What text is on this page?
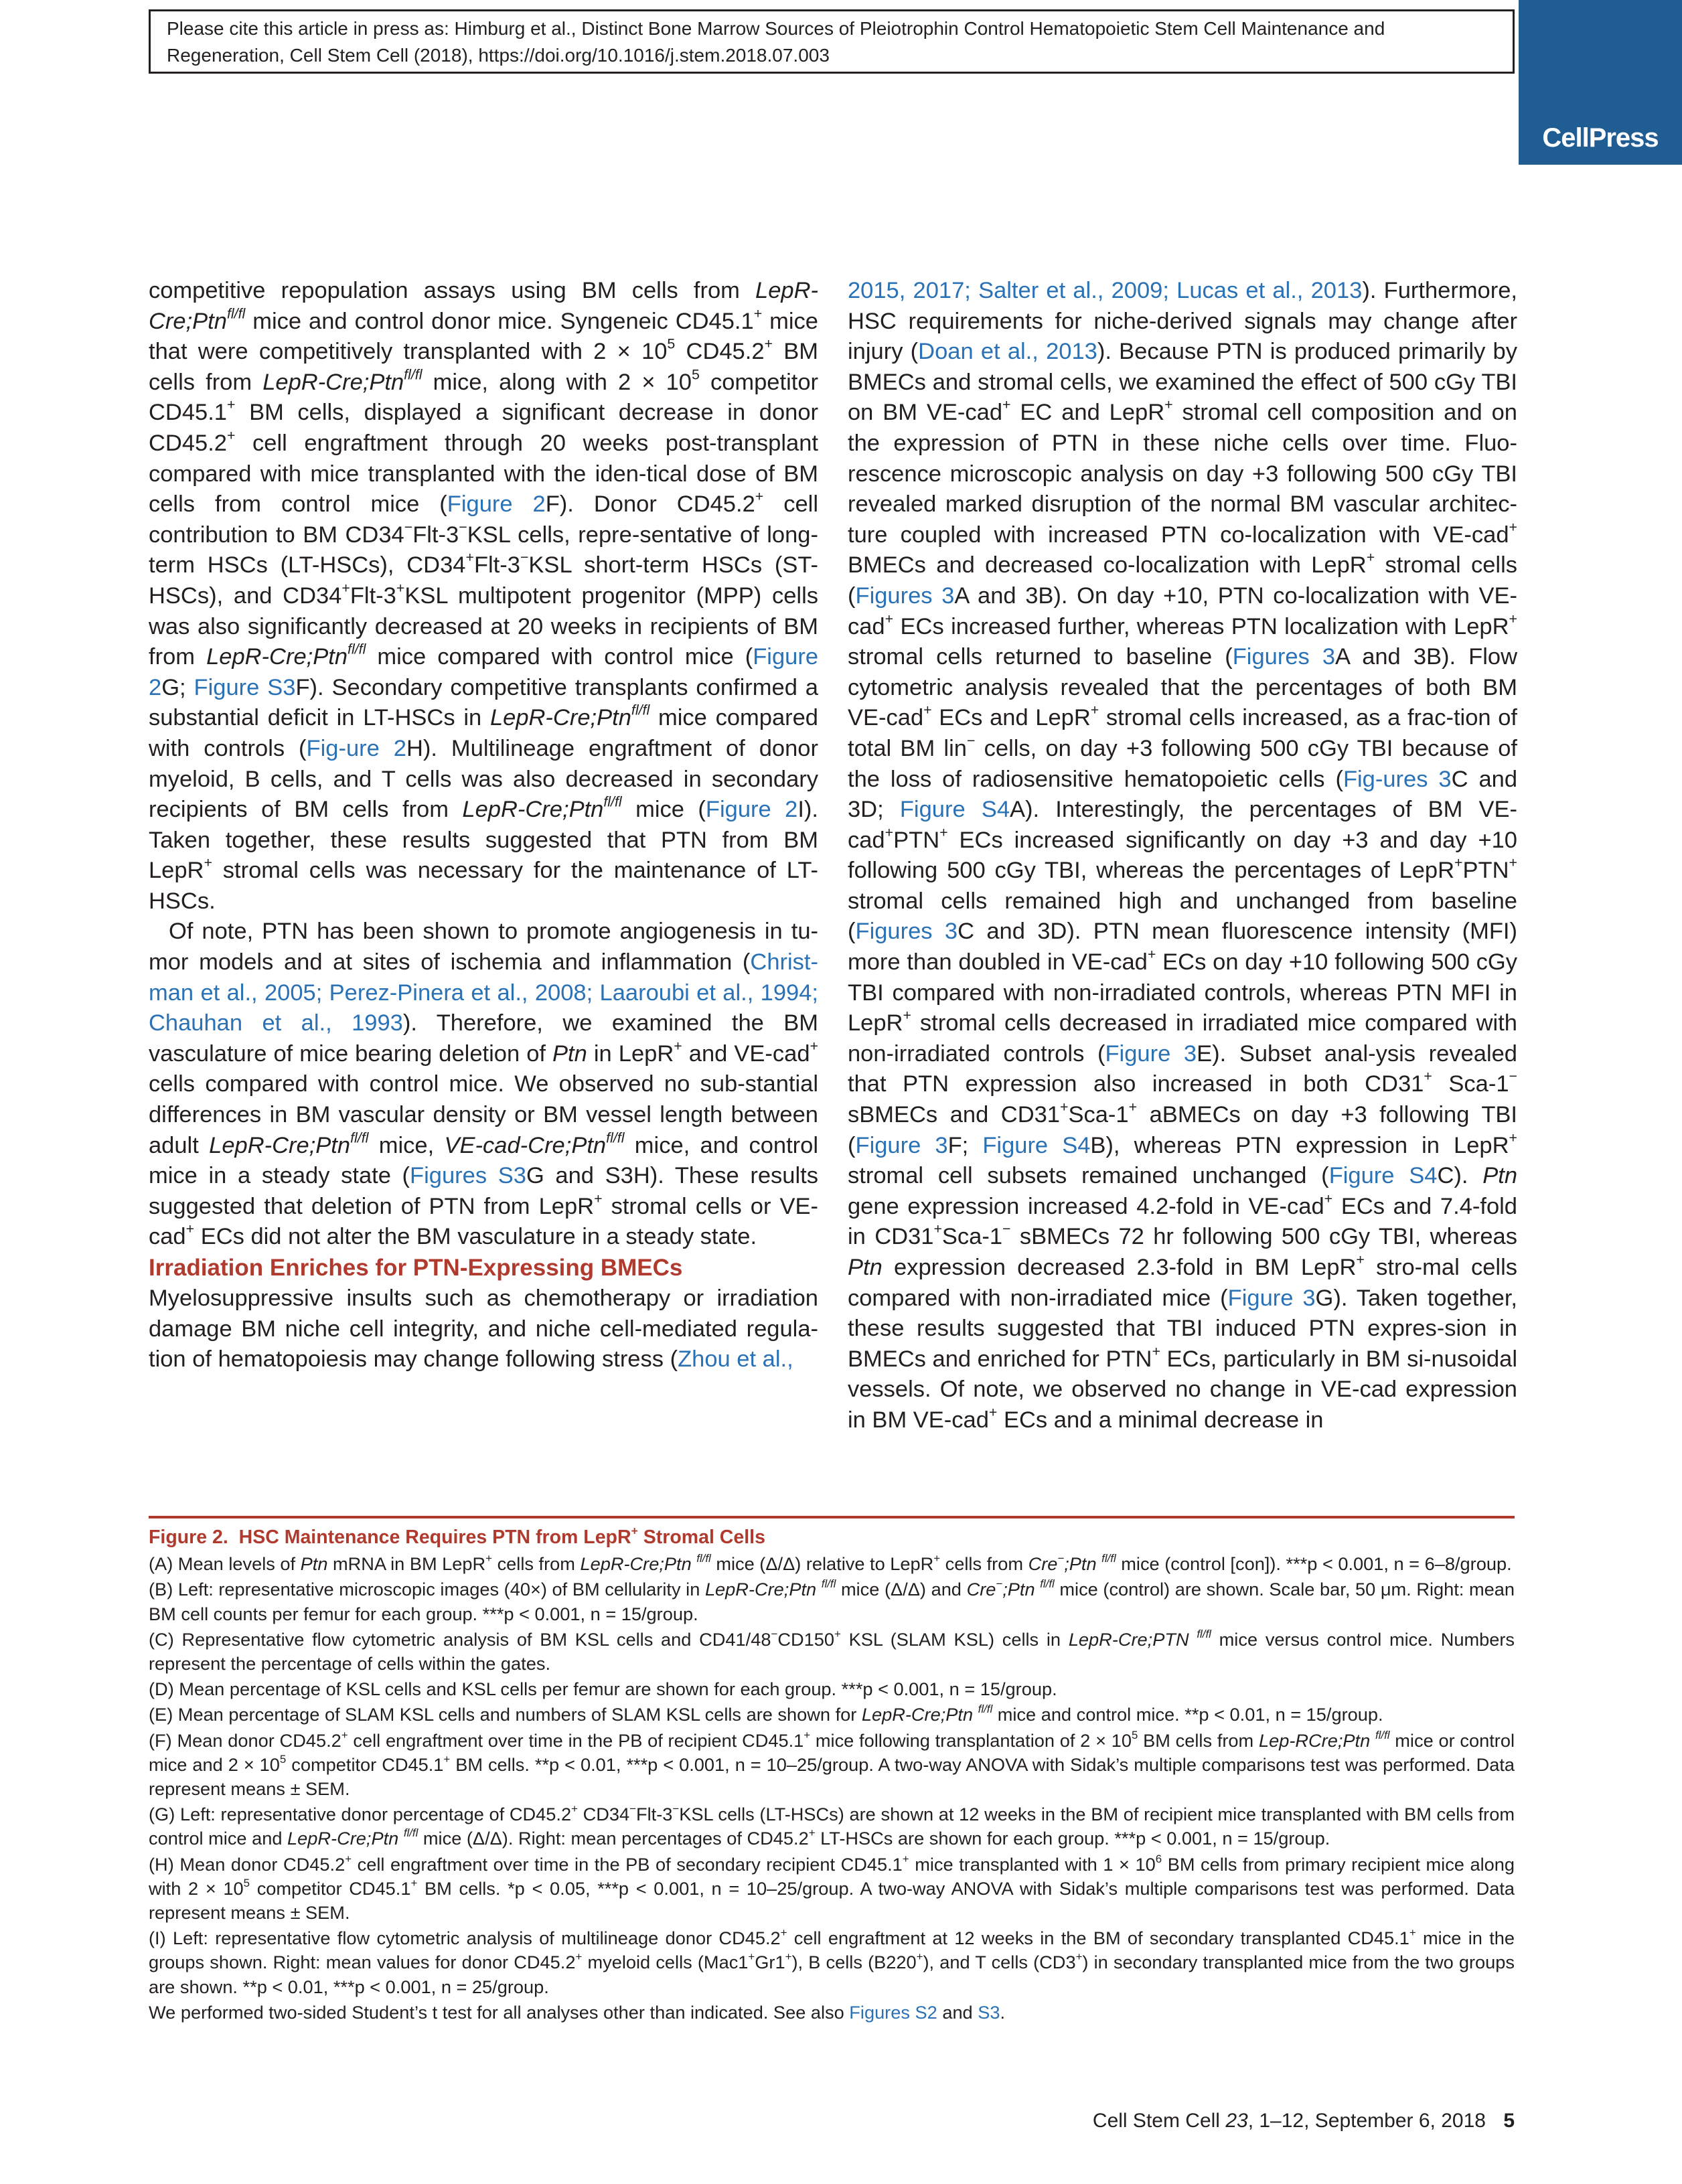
Please cite this article in press as: Himburg et al., Distinct Bone Marrow Sources of Pleiotrophin Control Hematopoietic Stem Cell Maintenance and
Regeneration, Cell Stem Cell (2018), https://doi.org/10.1016/j.stem.2018.07.003
CellPress

competitive repopulation assays using BM cells from LepR-Cre;Ptn$^{fl/fl}$ mice and control donor mice. Syngeneic CD45.1+ mice that were competitively transplanted with $2 \times 10^5$ CD45.2+ BM cells from LepR-Cre;Ptn$^{fl/fl}$ mice, along with $2 \times 10^5$ competitor CD45.1+ BM cells, displayed a significant decrease in donor CD45.2+ cell engraftment through 20 weeks post-transplant compared with mice transplanted with the iden-tical dose of BM cells from control mice (Figure 2F). Donor CD45.2+ cell contribution to BM CD34−Flt-3−KSL cells, repre-sentative of long-term HSCs (LT-HSCs), CD34+Flt-3−KSL short-term HSCs (ST-HSCs), and CD34+Flt-3+KSL multipotent progenitor (MPP) cells was also significantly decreased at 20 weeks in recipients of BM from LepR-Cre;Ptn$^{fl/fl}$ mice compared with control mice (Figure 2G; Figure S3F). Secondary competitive transplants confirmed a substantial deficit in LT-HSCs in LepR-Cre;Ptn$^{fl/fl}$ mice compared with controls (Fig-ure 2H). Multilineage engraftment of donor myeloid, B cells, and T cells was also decreased in secondary recipients of BM cells from LepR-Cre;Ptn$^{fl/fl}$ mice (Figure 2I). Taken together, these results suggested that PTN from BM LepR+ stromal cells was necessary for the maintenance of LT-HSCs.

Of note, PTN has been shown to promote angiogenesis in tu-mor models and at sites of ischemia and inflammation (Christ-man et al., 2005; Perez-Pinera et al., 2008; Laaroubi et al., 1994; Chauhan et al., 1993). Therefore, we examined the BM vasculature of mice bearing deletion of Ptn in LepR+ and VE-cad+ cells compared with control mice. We observed no sub-stantial differences in BM vascular density or BM vessel length between adult LepR-Cre;Ptn$^{fl/fl}$ mice, VE-cad-Cre;Ptn$^{fl/fl}$ mice, and control mice in a steady state (Figures S3G and S3H). These results suggested that deletion of PTN from LepR+ stromal cells or VE-cad+ ECs did not alter the BM vasculature in a steady state.

Irradiation Enriches for PTN-Expressing BMECs

Myelosuppressive insults such as chemotherapy or irradiation damage BM niche cell integrity, and niche cell-mediated regula-tion of hematopoiesis may change following stress (Zhou et al.,

2015, 2017; Salter et al., 2009; Lucas et al., 2013). Furthermore, HSC requirements for niche-derived signals may change after injury (Doan et al., 2013). Because PTN is produced primarily by BMECs and stromal cells, we examined the effect of 500 cGy TBI on BM VE-cad+ EC and LepR+ stromal cell composition and on the expression of PTN in these niche cells over time. Fluo-rescence microscopic analysis on day +3 following 500 cGy TBI revealed marked disruption of the normal BM vascular architec-ture coupled with increased PTN co-localization with VE-cad+ BMECs and decreased co-localization with LepR+ stromal cells (Figures 3A and 3B). On day +10, PTN co-localization with VE-cad+ ECs increased further, whereas PTN localization with LepR+ stromal cells returned to baseline (Figures 3A and 3B). Flow cytometric analysis revealed that the percentages of both BM VE-cad+ ECs and LepR+ stromal cells increased, as a frac-tion of total BM lin− cells, on day +3 following 500 cGy TBI because of the loss of radiosensitive hematopoietic cells (Fig-ures 3C and 3D; Figure S4A). Interestingly, the percentages of BM VE-cad+PTN+ ECs increased significantly on day +3 and day +10 following 500 cGy TBI, whereas the percentages of LepR+PTN+ stromal cells remained high and unchanged from baseline (Figures 3C and 3D). PTN mean fluorescence intensity (MFI) more than doubled in VE-cad+ ECs on day +10 following 500 cGy TBI compared with non-irradiated controls, whereas PTN MFI in LepR+ stromal cells decreased in irradiated mice compared with non-irradiated controls (Figure 3E). Subset anal-ysis revealed that PTN expression also increased in both CD31+ Sca-1− sBMECs and CD31+Sca-1+ aBMECs on day +3 following TBI (Figure 3F; Figure S4B), whereas PTN expression in LepR+ stromal cell subsets remained unchanged (Figure S4C). Ptn gene expression increased 4.2-fold in VE-cad+ ECs and 7.4-fold in CD31+Sca-1− sBMECs 72 hr following 500 cGy TBI, whereas Ptn expression decreased 2.3-fold in BM LepR+ stro-mal cells compared with non-irradiated mice (Figure 3G). Taken together, these results suggested that TBI induced PTN expres-sion in BMECs and enriched for PTN+ ECs, particularly in BM si-nusoidal vessels. Of note, we observed no change in VE-cad expression in BM VE-cad+ ECs and a minimal decrease in

Figure 2.  HSC Maintenance Requires PTN from LepR+ Stromal Cells

(A) Mean levels of Ptn mRNA in BM LepR+ cells from LepR-Cre;Ptn $^{fl/fl}$ mice (Δ/Δ) relative to LepR+ cells from Cre−;Ptn $^{fl/fl}$ mice (control [con]). ***p < 0.001, n = 6–8/group.

(B) Left: representative microscopic images (40×) of BM cellularity in LepR-Cre;Ptn $^{fl/fl}$ mice (Δ/Δ) and Cre−;Ptn $^{fl/fl}$ mice (control) are shown. Scale bar, 50 μm. Right: mean BM cell counts per femur for each group. ***p < 0.001, n = 15/group.

(C) Representative flow cytometric analysis of BM KSL cells and CD41/48−CD150+ KSL (SLAM KSL) cells in LepR-Cre;PTN $^{fl/fl}$ mice versus control mice. Numbers represent the percentage of cells within the gates.

(D) Mean percentage of KSL cells and KSL cells per femur are shown for each group. ***p < 0.001, n = 15/group.

(E) Mean percentage of SLAM KSL cells and numbers of SLAM KSL cells are shown for LepR-Cre;Ptn $^{fl/fl}$ mice and control mice. **p < 0.01, n = 15/group.

(F) Mean donor CD45.2+ cell engraftment over time in the PB of recipient CD45.1+ mice following transplantation of $2 \times 10^5$ BM cells from Lep-RCre;Ptn $^{fl/fl}$ mice or control mice and $2 \times 10^5$ competitor CD45.1+ BM cells. **p < 0.01, ***p < 0.001, n = 10–25/group. A two-way ANOVA with Sidak’s multiple comparisons test was performed. Data represent means ± SEM.

(G) Left: representative donor percentage of CD45.2+ CD34−Flt-3−KSL cells (LT-HSCs) are shown at 12 weeks in the BM of recipient mice transplanted with BM cells from control mice and LepR-Cre;Ptn $^{fl/fl}$ mice (Δ/Δ). Right: mean percentages of CD45.2+ LT-HSCs are shown for each group. ***p < 0.001, n = 15/group.

(H) Mean donor CD45.2+ cell engraftment over time in the PB of secondary recipient CD45.1+ mice transplanted with $1 \times 10^6$ BM cells from primary recipient mice along with $2 \times 10^5$ competitor CD45.1+ BM cells. *p < 0.05, ***p < 0.001, n = 10–25/group. A two-way ANOVA with Sidak’s multiple comparisons test was performed. Data represent means ± SEM.

(I) Left: representative flow cytometric analysis of multilineage donor CD45.2+ cell engraftment at 12 weeks in the BM of secondary transplanted CD45.1+ mice in the groups shown. Right: mean values for donor CD45.2+ myeloid cells (Mac1+Gr1+), B cells (B220+), and T cells (CD3+) in secondary transplanted mice from the two groups are shown. **p < 0.01, ***p < 0.001, n = 25/group.

We performed two-sided Student’s t test for all analyses other than indicated. See also Figures S2 and S3.

Cell Stem Cell 23, 1–12, September 6, 2018 5
